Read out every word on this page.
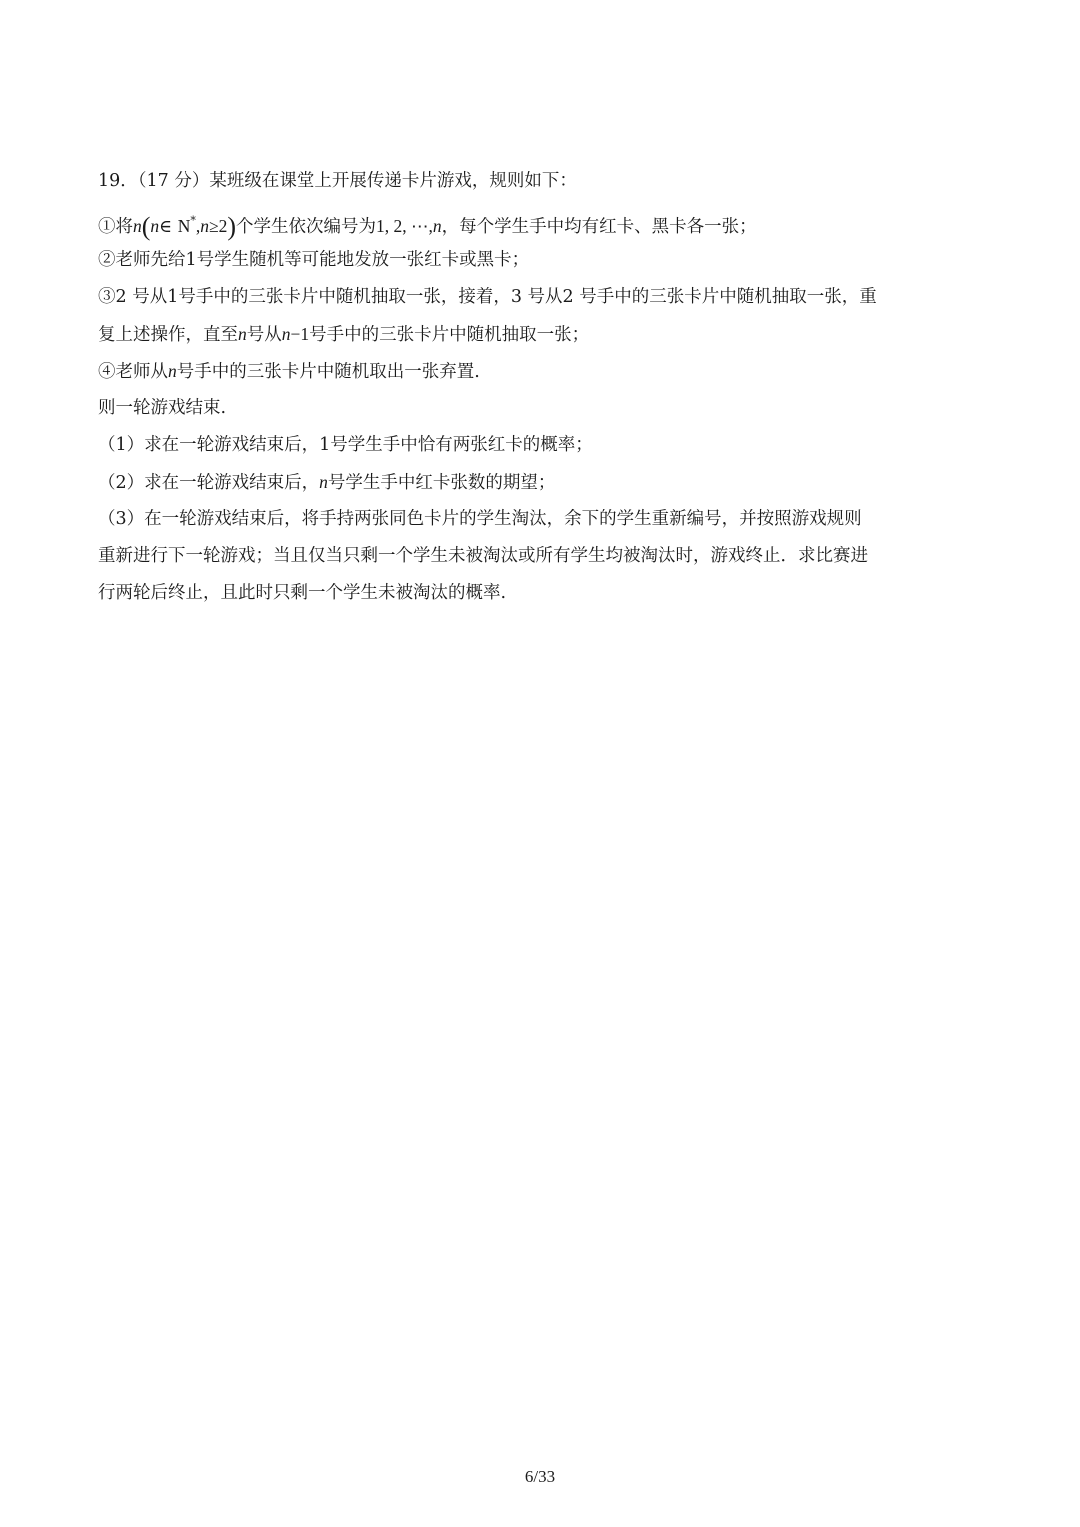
19．（17 分）某班级在课堂上开展传递卡片游戏，规则如下：

①将n(n∈ N*,n≥2)个学生依次编号为1, 2, ⋯,n，每个学生手中均有红卡、黑卡各一张；

②老师先给1号学生随机等可能地发放一张红卡或黑卡；

③2 号从1号手中的三张卡片中随机抽取一张，接着，3 号从2 号手中的三张卡片中随机抽取一张，重

复上述操作，直至n号从n−1号手中的三张卡片中随机抽取一张；

④老师从n号手中的三张卡片中随机取出一张弃置.

则一轮游戏结束.

（1）求在一轮游戏结束后，1号学生手中恰有两张红卡的概率；

（2）求在一轮游戏结束后，n号学生手中红卡张数的期望；

（3）在一轮游戏结束后，将手持两张同色卡片的学生淘汰，余下的学生重新编号，并按照游戏规则

重新进行下一轮游戏；当且仅当只剩一个学生未被淘汰或所有学生均被淘汰时，游戏终止．求比赛进

行两轮后终止，且此时只剩一个学生未被淘汰的概率.

6/33
